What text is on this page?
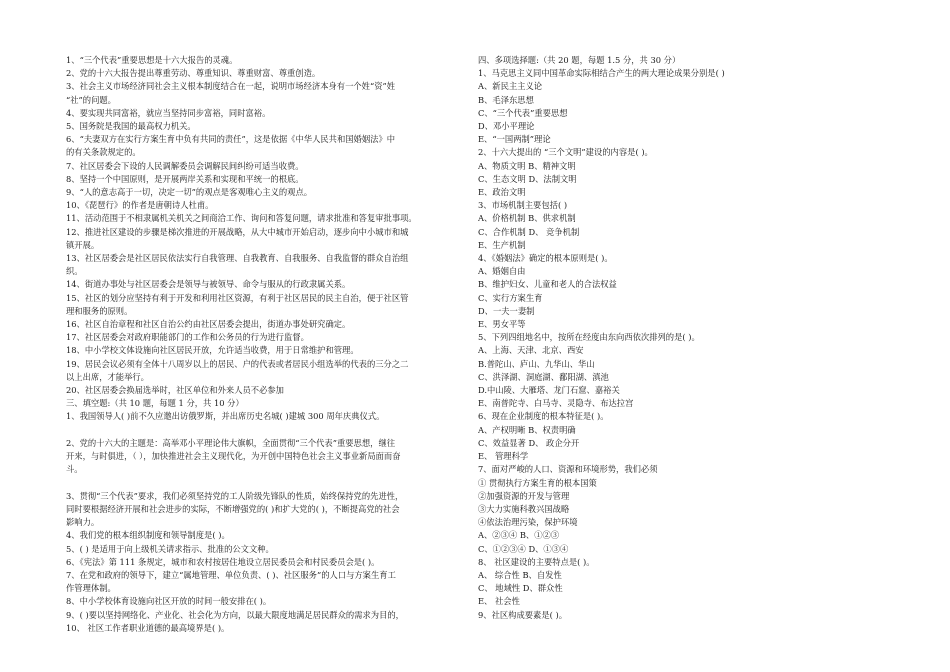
1、“三个代表”重要思想是十六大报告的灵魂。
2、党的十六大报告提出尊重劳动、尊重知识、尊重财富、尊重创造。
3、社会主义市场经济同社会主义根本制度结合在一起，说明市场经济本身有一个姓“资”姓
“社”的问题。
4、要实现共同富裕，就应当坚持同步富裕，同时富裕。
5、国务院是我国的最高权力机关。
6、“夫妻双方在实行方案生育中负有共同的责任”，这是依据《中华人民共和国婚姻法》中
的有关条款规定的。
7、社区居委会下设的人民调解委员会调解民间纠纷可适当收费。
8、坚持一个中国原则，是开展两岸关系和实现和平统一的根底。
9、“人的意志高于一切，决定一切”的观点是客观唯心主义的观点。
10、《琵琶行》的作者是唐朝诗人杜甫。
11、活动范围于不相隶属机关机关之间商洽工作、询问和答复问题，请求批准和答复审批事项。
12、推进社区建设的步骤是梯次推进的开展战略，从大中城市开始启动，逐步向中小城市和城
镇开展。
13、社区居委会是社区居民依法实行自我管理、自我教育、自我服务、自我监督的群众自治组
织。
14、街道办事处与社区居委会是领导与被领导、命令与服从的行政隶属关系。
15、社区的划分应坚持有利于开发和利用社区资源，有利于社区居民的民主自治，便于社区管
理和服务的原则。
16、社区自治章程和社区自治公约由社区居委会提出，街道办事处研究确定。
17、社区居委会对政府职能部门的工作和公务员的行为进行监督。
18、中小学校文体设施向社区居民开放，允许适当收费，用于日常维护和管理。
19、居民会议必须有全体十八周岁以上的居民、户的代表或者居民小组选举的代表的三分之二
以上出席，才能举行。
20、社区居委会换届选举时，社区单位和外来人员不必参加
三、填空题:（共 10 题，每题 1 分，共 10 分）
1、我国领导人( )前不久应邀出访俄罗斯，并出席历史名城( )建城 300 周年庆典仪式。

2、党的十六大的主题是：高举邓小平理论伟大旗帜，全面贯彻“三个代表”重要思想，继往
开来，与时俱进，（ ），加快推进社会主义现代化，为开创中国特色社会主义事业新局面而奋
斗。

3、贯彻“三个代表”要求，我们必须坚持党的工人阶级先锋队的性质，始终保持党的先进性，
同时要根据经济开展和社会进步的实际，不断增强党的( )和扩大党的( )，不断提高党的社会
影响力。
4、我们党的根本组织制度和领导制度是( )。
5、( ) 是适用于向上级机关请求指示、批准的公文文种。
6、《宪法》第 111 条规定，城市和农村按居住地设立居民委员会和村民委员会是( )。
7、在党和政府的领导下，建立“属地管理、单位负责、( )、社区服务”的人口与方案生育工
作管理体制。
8、中小学校体育设施向社区开放的时间一般安排在( )。
9、( )要以坚持网络化、产业化、社会化为方向，以最大限度地满足居民群众的需求为目的，
10、 社区工作者职业道德的最高境界是( )。
四、多项选择题:（共 20 题，每题 1.5 分，共 30 分）
1、马克思主义同中国革命实际相结合产生的两大理论成果分别是( )
A、新民主主义论
B、毛泽东思想
C、“三个代表”重要思想
D、邓小平理论
E、“一国两制”理论
2、十六大提出的 “三个文明”建设的内容是( )。
A、物质文明 B、精神文明
C、生态文明 D、法制文明
E、政治文明
3、市场机制主要包括( )
A、价格机制 B、供求机制
C、合作机制 D、 竞争机制
E、生产机制
4、《婚姻法》确定的根本原则是( )。
A、婚姻自由
B、维护妇女、儿童和老人的合法权益
C、实行方案生育
D、一夫一妻制
E、男女平等
5、下列四组地名中，按所在经度由东向西依次排列的是( )。
A、上海、天津、北京、西安
B.普陀山、庐山、九华山、华山
C、洪泽湖、洞庭湖、鄱阳湖、滇池
D.中山陵、大雁塔、龙门石窟、嘉裕关
E、南普陀寺、白马寺、灵隐寺、布达拉宫
6、现在企业制度的根本特征是( )。
A、产权明晰 B、权责明确
C、效益显著 D、 政企分开
E、 管理科学
7、面对严峻的人口、资源和环境形势，我们必须
① 贯彻执行方案生育的根本国策
②加强资源的开发与管理
③大力实施科教兴国战略
④依法治理污染，保护环境
A、②③④ B、①②③
C、①②③④ D、①③④
8、 社区建设的主要特点是( )。
A、 综合性 B、自发性
C、 地域性 D、群众性
E、 社会性
9、社区构成要素是( )。
